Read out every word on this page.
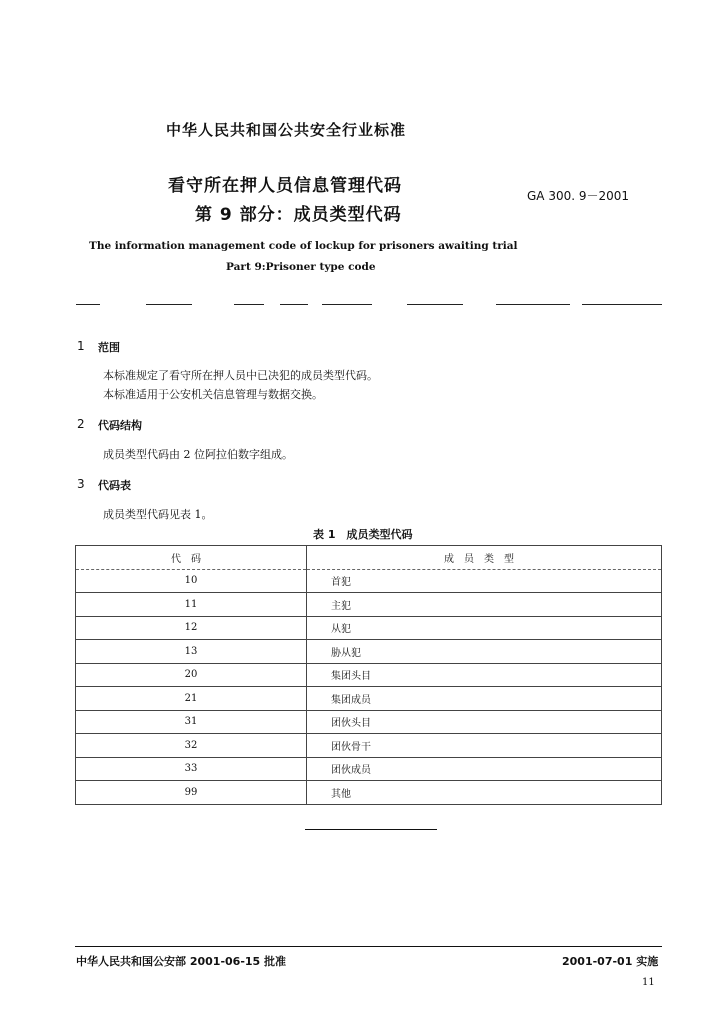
中华人民共和国公共安全行业标准
看守所在押人员信息管理代码
第 9 部分：成员类型代码
GA 300. 9－2001
The information management code of lockup for prisoners awaiting trial
Part 9:Prisoner type code
1 范围
本标准规定了看守所在押人员中已决犯的成员类型代码。
本标准适用于公安机关信息管理与数据交换。
2 代码结构
成员类型代码由 2 位阿拉伯数字组成。
3 代码表
成员类型代码见表 1。
表 1　成员类型代码
代码	成员类型
10	首犯
11	主犯
12	从犯
13	胁从犯
20	集团头目
21	集团成员
31	团伙头目
32	团伙骨干
33	团伙成员
99	其他
中华人民共和国公安部 2001-06-15 批准	2001-07-01 实施
11
